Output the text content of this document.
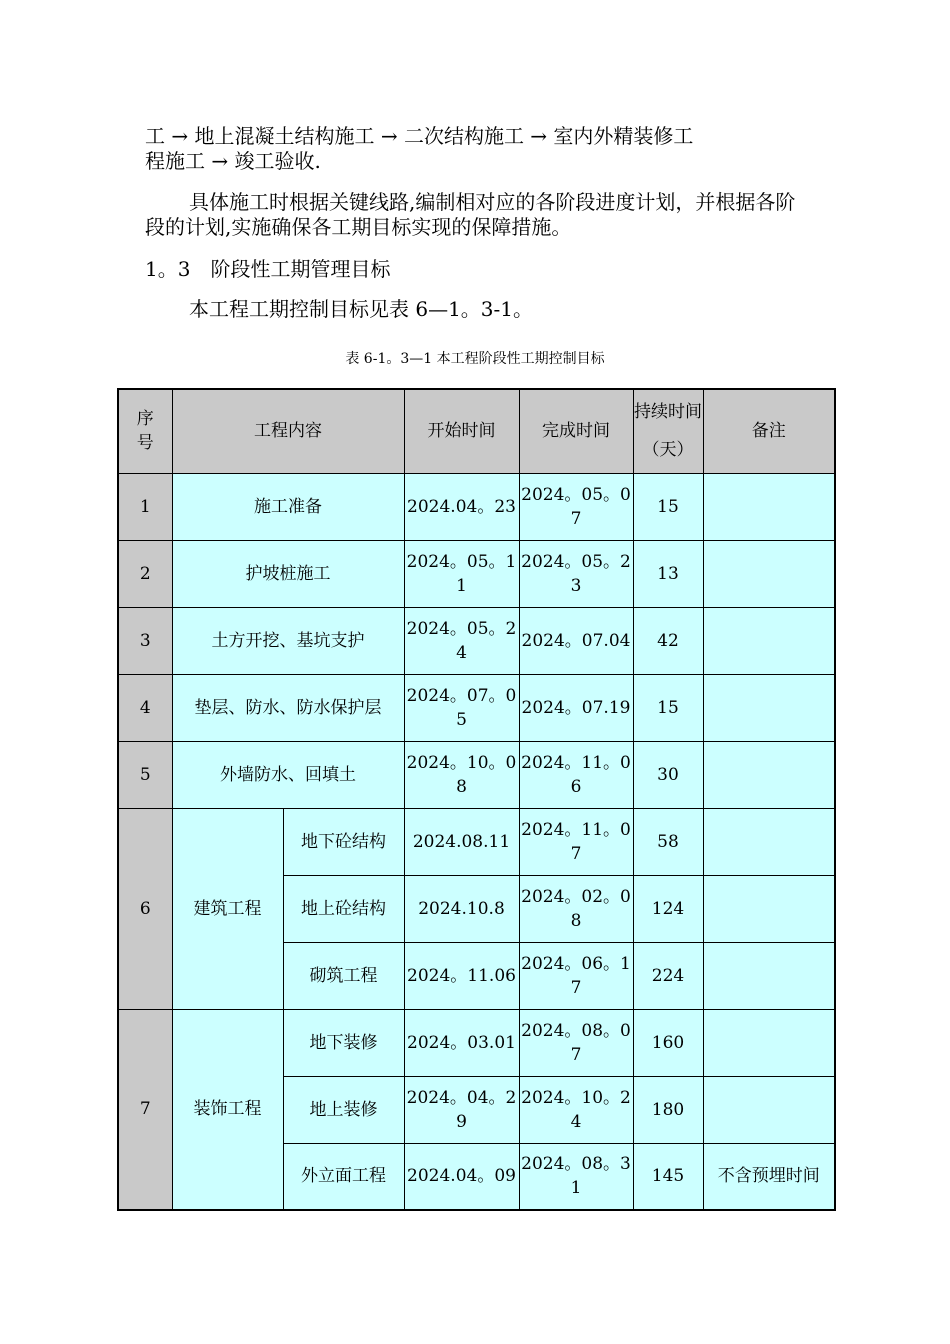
工 → 地上混凝土结构施工 → 二次结构施工 → 室内外精装修工
程施工 → 竣工验收.

具体施工时根据关键线路,编制相对应的各阶段进度计划，并根据各阶段的计划,实施确保各工期目标实现的保障措施。

1。3　阶段性工期管理目标

本工程工期控制目标见表 6—1。3-1。

表 6-1。3—1 本工程阶段性工期控制目标
序号	工程内容		开始时间	完成时间	持续时间（天）	备注
1	施工准备		2024.04。23	2024。05。07	15	
2	护坡桩施工		2024。05。11	2024。05。23	13	
3	土方开挖、基坑支护		2024。05。24	2024。07.04	42	
4	垫层、防水、防水保护层		2024。07。05	2024。07.19	15	
5	外墙防水、回填土		2024。10。08	2024。11。06	30	
6	建筑工程	地下砼结构	2024.08.11	2024。11。07	58	
		地上砼结构	2024.10.8	2024。02。08	124	
		砌筑工程	2024。11.06	2024。06。17	224	
7	装饰工程	地下装修	2024。03.01	2024。08。07	160	
		地上装修	2024。04。29	2024。10。24	180	
		外立面工程	2024.04。09	2024。08。31	145	不含预埋时间
